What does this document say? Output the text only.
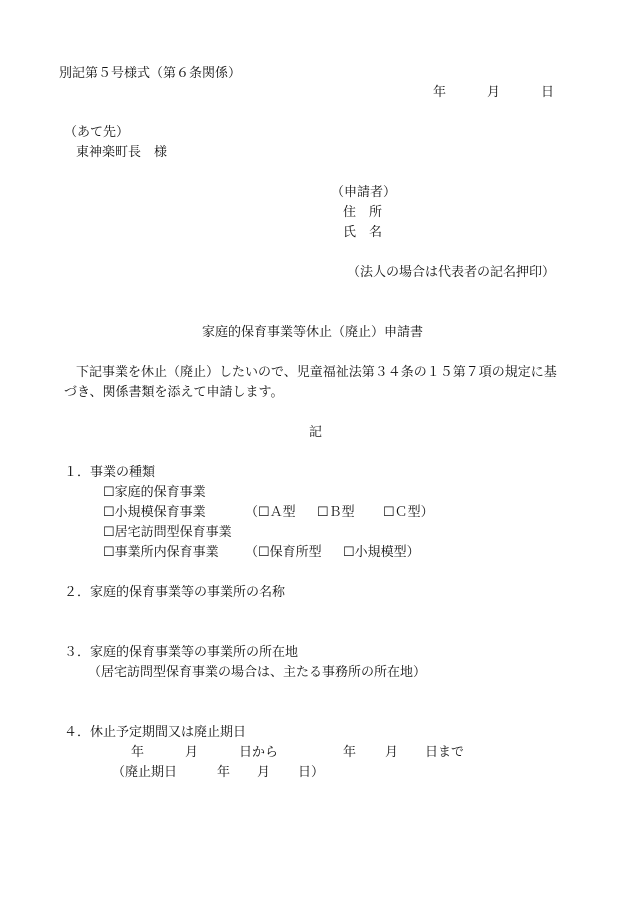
別記第５号様式（第６条関係）
年	月	日
（あて先）
東神楽町長　様
（申請者）
住　所
氏　名
（法人の場合は代表者の記名押印）
家庭的保育事業等休止（廃止）申請書
下記事業を休止（廃止）したいので、児童福祉法第３４条の１５第７項の規定に基
づき、関係書類を添えて申請します。
記
１．事業の種類
☐家庭的保育事業
☐小規模保育事業	（☐Ａ型 ☐Ｂ型 ☐Ｃ型）
☐居宅訪問型保育事業
☐事業所内保育事業 （☐保育所型 ☐小規模型）
２．家庭的保育事業等の事業所の名称
３．家庭的保育事業等の事業所の所在地
（居宅訪問型保育事業の場合は、主たる事務所の所在地）
４．休止予定期間又は廃止期日
年	月	日から	年 月 日まで
（廃止期日	年 月 日）
